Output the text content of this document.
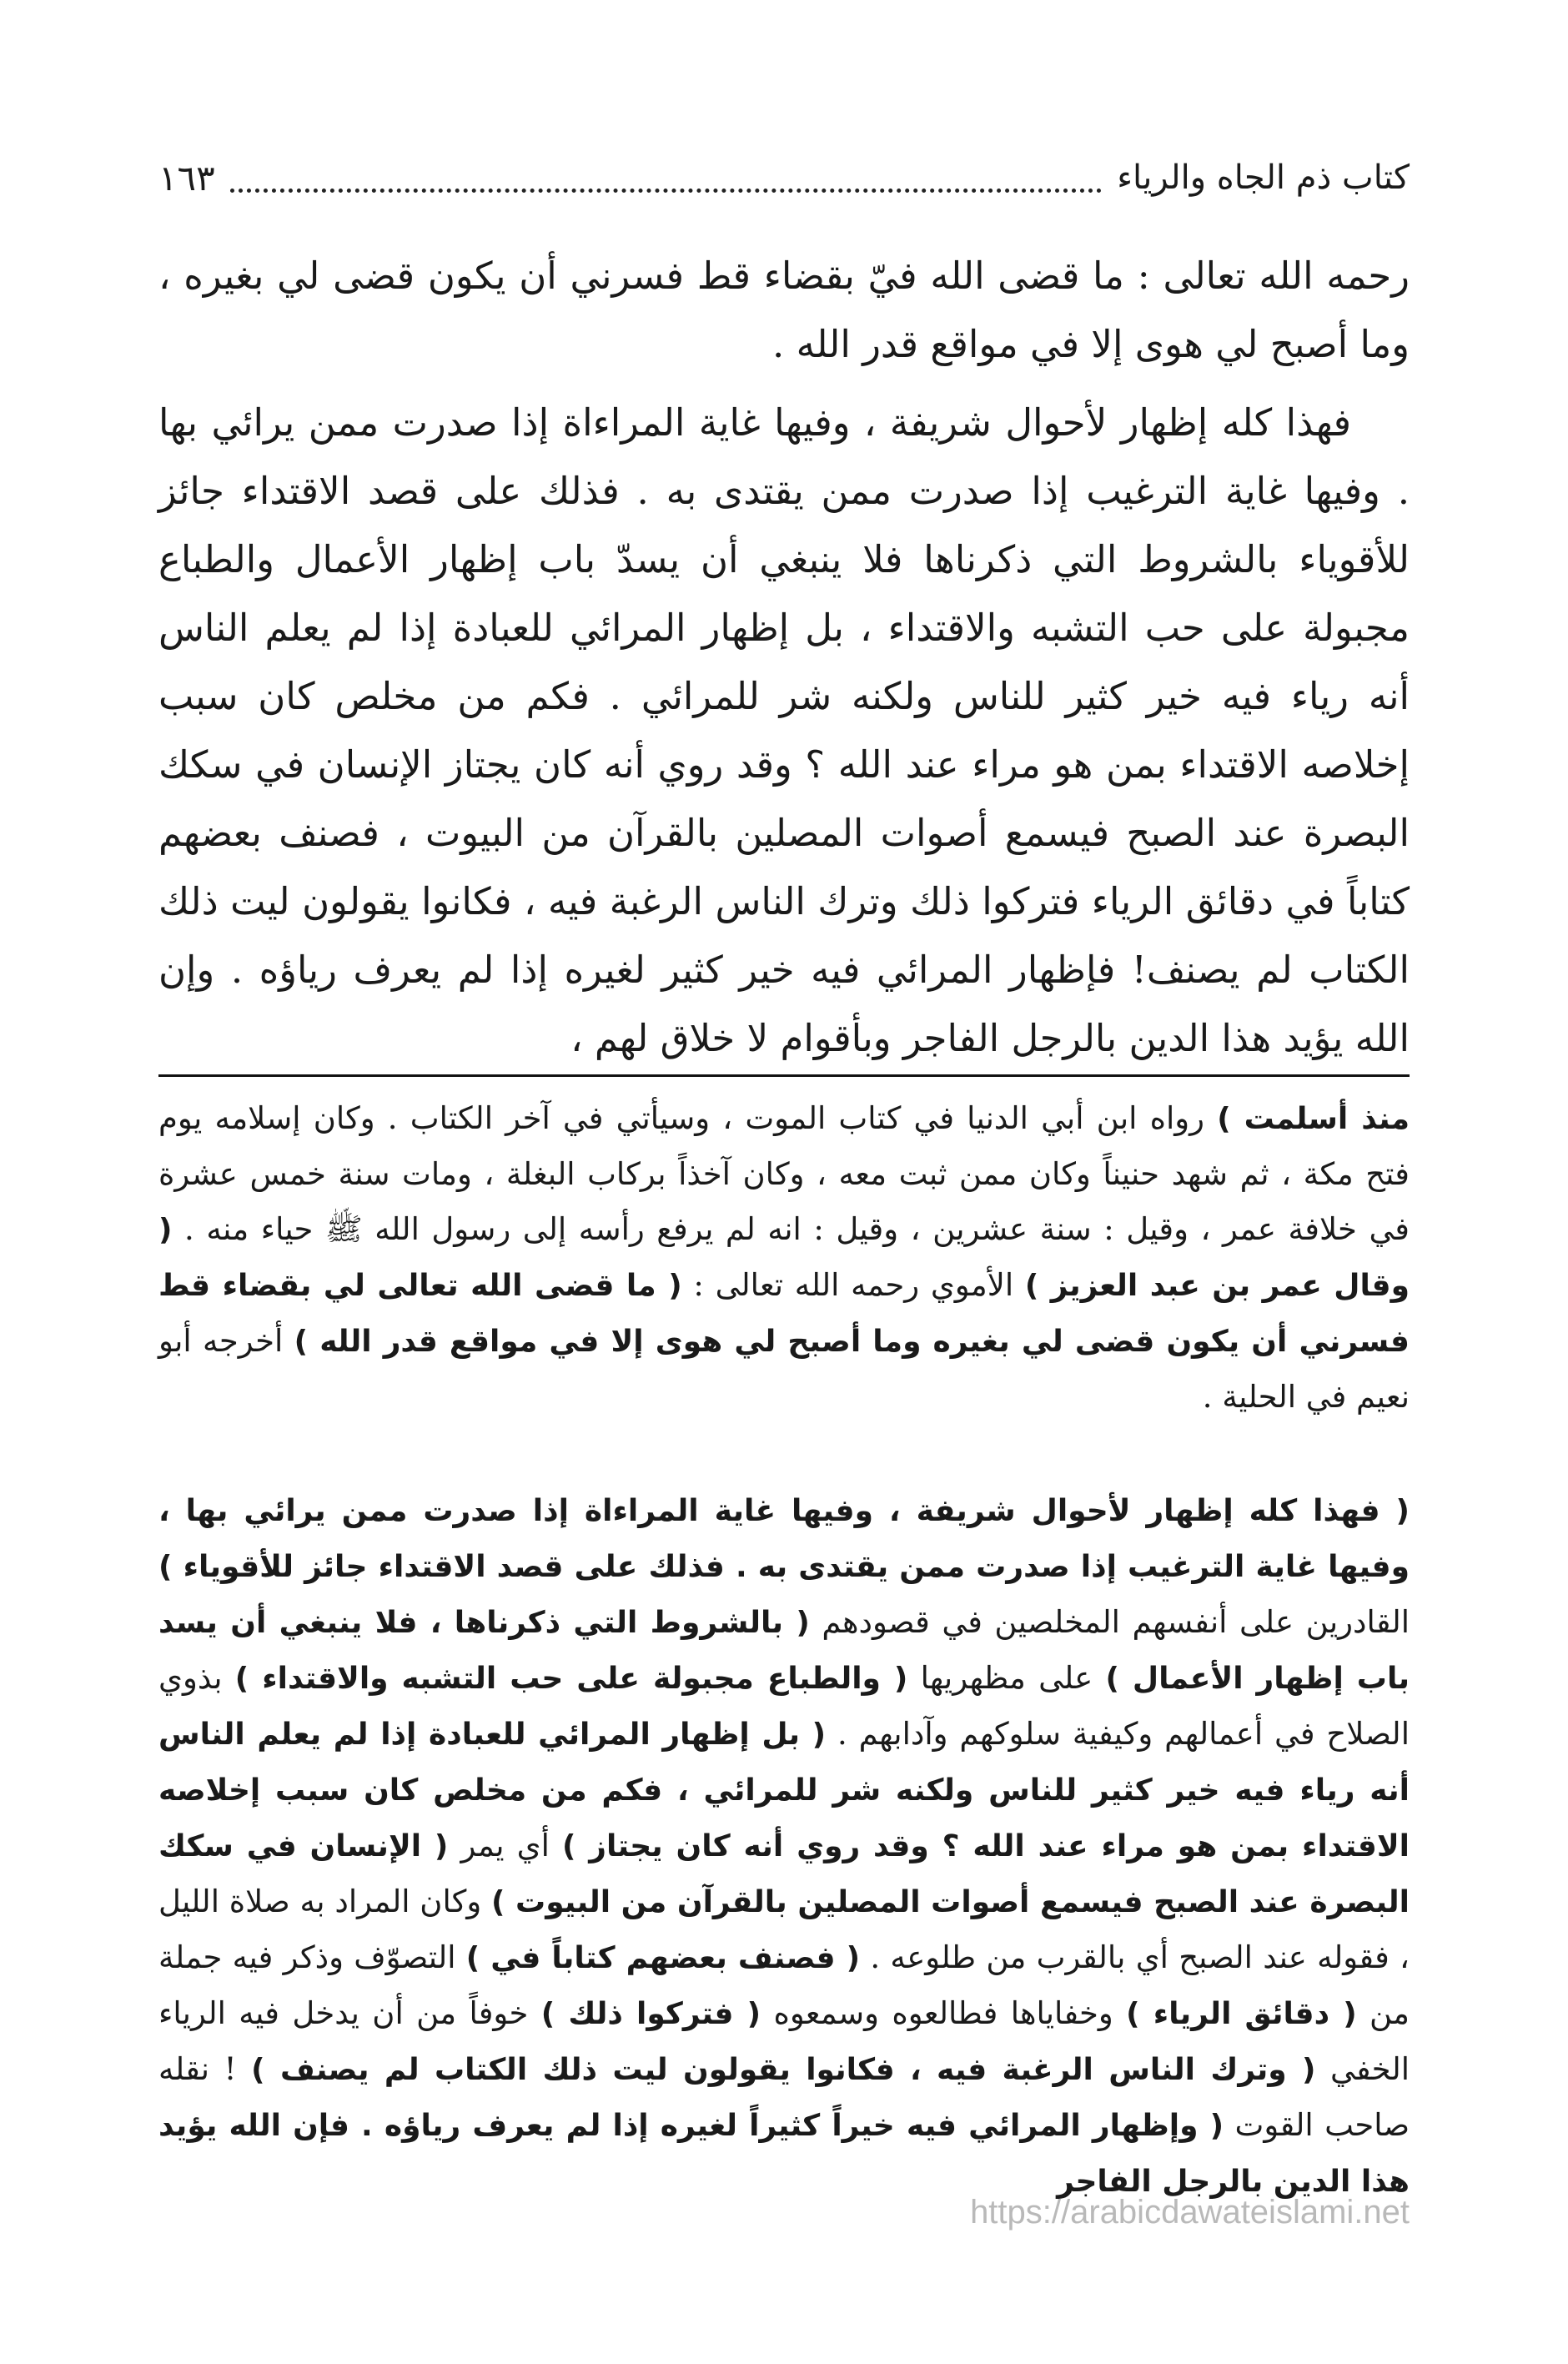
كتاب ذم الجاه والرياء
١٦٣

رحمه الله تعالى : ما قضى الله فيّ بقضاء قط فسرني أن يكون قضى لي بغيره ، وما أصبح لي هوى إلا في مواقع قدر الله .

فهذا كله إظهار لأحوال شريفة ، وفيها غاية المراءاة إذا صدرت ممن يرائي بها . وفيها غاية الترغيب إذا صدرت ممن يقتدى به . فذلك على قصد الاقتداء جائز للأقوياء بالشروط التي ذكرناها فلا ينبغي أن يسدّ باب إظهار الأعمال والطباع مجبولة على حب التشبه والاقتداء ، بل إظهار المرائي للعبادة إذا لم يعلم الناس أنه رياء فيه خير كثير للناس ولكنه شر للمرائي . فكم من مخلص كان سبب إخلاصه الاقتداء بمن هو مراء عند الله ؟ وقد روي أنه كان يجتاز الإنسان في سكك البصرة عند الصبح فيسمع أصوات المصلين بالقرآن من البيوت ، فصنف بعضهم كتاباً في دقائق الرياء فتركوا ذلك وترك الناس الرغبة فيه ، فكانوا يقولون ليت ذلك الكتاب لم يصنف! فإظهار المرائي فيه خير كثير لغيره إذا لم يعرف رياؤه . وإن الله يؤيد هذا الدين بالرجل الفاجر وبأقوام لا خلاق لهم ،

منذ أسلمت ) رواه ابن أبي الدنيا في كتاب الموت ، وسيأتي في آخر الكتاب . وكان إسلامه يوم فتح مكة ، ثم شهد حنيناً وكان ممن ثبت معه ، وكان آخذاً بركاب البغلة ، ومات سنة خمس عشرة في خلافة عمر ، وقيل : سنة عشرين ، وقيل : انه لم يرفع رأسه إلى رسول الله ﷺ حياء منه . ( وقال عمر بن عبد العزيز ) الأموي رحمه الله تعالى : ( ما قضى الله تعالى لي بقضاء قط فسرني أن يكون قضى لي بغيره وما أصبح لي هوى إلا في مواقع قدر الله ) أخرجه أبو نعيم في الحلية .

( فهذا كله إظهار لأحوال شريفة ، وفيها غاية المراءاة إذا صدرت ممن يرائي بها ، وفيها غاية الترغيب إذا صدرت ممن يقتدى به . فذلك على قصد الاقتداء جائز للأقوياء ) القادرين على أنفسهم المخلصين في قصودهم ( بالشروط التي ذكرناها ، فلا ينبغي أن يسد باب إظهار الأعمال ) على مظهريها ( والطباع مجبولة على حب التشبه والاقتداء ) بذوي الصلاح في أعمالهم وكيفية سلوكهم وآدابهم . ( بل إظهار المرائي للعبادة إذا لم يعلم الناس أنه رياء فيه خير كثير للناس ولكنه شر للمرائي ، فكم من مخلص كان سبب إخلاصه الاقتداء بمن هو مراء عند الله ؟ وقد روي أنه كان يجتاز ) أي يمر ( الإنسان في سكك البصرة عند الصبح فيسمع أصوات المصلين بالقرآن من البيوت ) وكان المراد به صلاة الليل ، فقوله عند الصبح أي بالقرب من طلوعه . ( فصنف بعضهم كتاباً في ) التصوّف وذكر فيه جملة من ( دقائق الرياء ) وخفاياها فطالعوه وسمعوه ( فتركوا ذلك ) خوفاً من أن يدخل فيه الرياء الخفي ( وترك الناس الرغبة فيه ، فكانوا يقولون ليت ذلك الكتاب لم يصنف ) ! نقله صاحب القوت ( وإظهار المرائي فيه خيراً كثيراً لغيره إذا لم يعرف رياؤه . فإن الله يؤيد هذا الدين بالرجل الفاجر

https://arabicdawateislami.net
